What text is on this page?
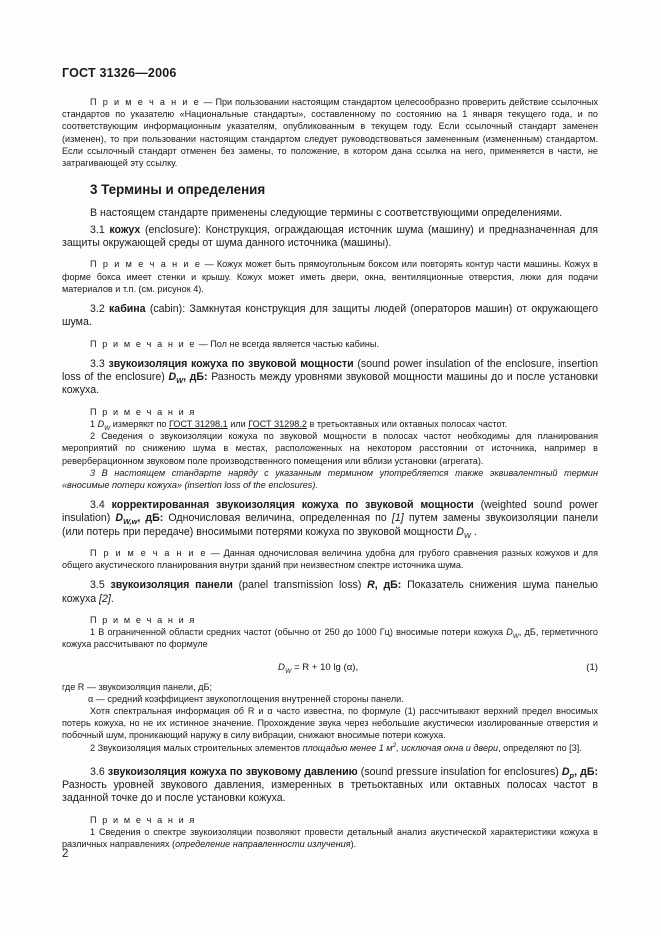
ГОСТ 31326—2006

П р и м е ч а н и е — При пользовании настоящим стандартом целесообразно проверить действие ссылочных стандартов по указателю «Национальные стандарты», составленному по состоянию на 1 января текущего года, и по соответствующим информационным указателям, опубликованным в текущем году. Если ссылочный стандарт заменен (изменен), то при пользовании настоящим стандартом следует руководствоваться замененным (измененным) стандартом. Если ссылочный стандарт отменен без замены, то положение, в котором дана ссылка на него, применяется в части, не затрагивающей эту ссылку.

3 Термины и определения

В настоящем стандарте применены следующие термины с соответствующими определениями.

3.1 кожух (enclosure): Конструкция, ограждающая источник шума (машину) и предназначенная для защиты окружающей среды от шума данного источника (машины).

П р и м е ч а н и е — Кожух может быть прямоугольным боксом или повторять контур части машины. Кожух в форме бокса имеет стенки и крышу. Кожух может иметь двери, окна, вентиляционные отверстия, люки для подачи материалов и т.п. (см. рисунок 4).

3.2 кабина (cabin): Замкнутая конструкция для защиты людей (операторов машин) от окружающего шума.

П р и м е ч а н и е — Пол не всегда является частью кабины.

3.3 звукоизоляция кожуха по звуковой мощности (sound power insulation of the enclosure, insertion loss of the enclosure) $D_W$, дБ: Разность между уровнями звуковой мощности машины до и после установки кожуха.

П р и м е ч а н и я

1 $D_W$ измеряют по ГОСТ 31298.1 или ГОСТ 31298.2 в третьоктавных или октавных полосах частот.

2 Сведения о звукоизоляции кожуха по звуковой мощности в полосах частот необходимы для планирования мероприятий по снижению шума в местах, расположенных на некотором расстоянии от источника, например в реверберационном звуковом поле производственного помещения или вблизи установки (агрегата).

3 В настоящем стандарте наряду с указанным термином употребляется также эквивалентный термин «вносимые потери кожуха» (insertion loss of the enclosures).

3.4 корректированная звукоизоляция кожуха по звуковой мощности (weighted sound power insulation) $D_{W,w}$, дБ: Одночисловая величина, определенная по [1] путем замены звукоизоляции панели (или потерь при передаче) вносимыми потерями кожуха по звуковой мощности $D_W$ .

П р и м е ч а н и е — Данная одночисловая величина удобна для грубого сравнения разных кожухов и для общего акустического планирования внутри зданий при неизвестном спектре источника шума.

3.5 звукоизоляция панели (panel transmission loss) R, дБ: Показатель снижения шума панелью кожуха [2].

П р и м е ч а н и я

1 В ограниченной области средних частот (обычно от 250 до 1000 Гц) вносимые потери кожуха $D_W$, дБ, герметичного кожуха рассчитывают по формуле

$D_W = R + 10$ lg (α),	(1)

где R — звукоизоляция панели, дБ;

α — средний коэффициент звукопоглощения внутренней стороны панели.

Хотя спектральная информация об R и α часто известна, по формуле (1) рассчитывают верхний предел вносимых потерь кожуха, но не их истинное значение. Прохождение звука через небольшие акустически изолированные отверстия и побочный шум, проникающий наружу в силу вибрации, снижают вносимые потери кожуха.

2 Звукоизоляция малых строительных элементов площадью менее 1 $м^2$, исключая окна и двери, определяют по [3].

3.6 звукоизоляция кожуха по звуковому давлению (sound pressure insulation for enclosures) $D_p$, дБ: Разность уровней звукового давления, измеренных в третьоктавных или октавных полосах частот в заданной точке до и после установки кожуха.

П р и м е ч а н и я

1 Сведения о спектре звукоизоляции позволяют провести детальный анализ акустической характеристики кожуха в различных направлениях (определение направленности излучения).

2
